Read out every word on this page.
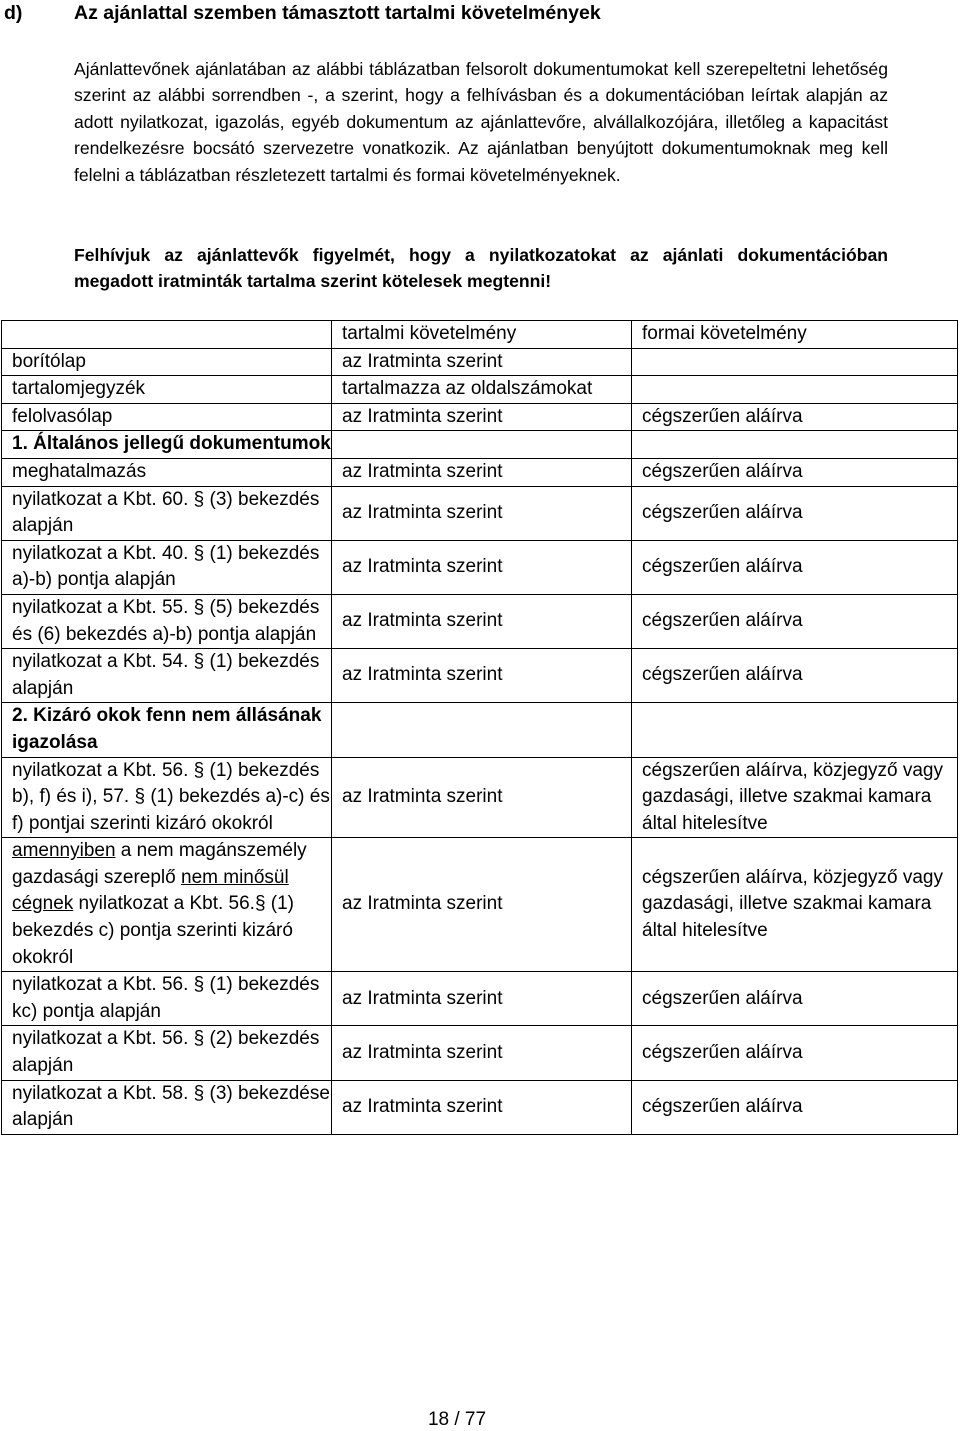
d)	Az ajánlattal szemben támasztott tartalmi követelmények
Ajánlattevőnek ajánlatában az alábbi táblázatban felsorolt dokumentumokat kell szerepeltetni lehetőség szerint az alábbi sorrendben -, a szerint, hogy a felhívásban és a dokumentációban leírtak alapján az adott nyilatkozat, igazolás, egyéb dokumentum az ajánlattevőre, alvállalkozójára, illetőleg a kapacitást rendelkezésre bocsátó szervezetre vonatkozik. Az ajánlatban benyújtott dokumentumoknak meg kell felelni a táblázatban részletezett tartalmi és formai követelményeknek.
Felhívjuk az ajánlattevők figyelmét, hogy a nyilatkozatokat az ajánlati dokumentációban megadott iratminták tartalma szerint kötelesek megtenni!
	tartalmi követelmény	formai követelmény
borítólap	az Iratminta szerint	
tartalomjegyzék	tartalmazza az oldalszámokat	
felolvasólap	az Iratminta szerint	cégszerűen aláírva
1. Általános jellegű dokumentumok		
meghatalmazás	az Iratminta szerint	cégszerűen aláírva
nyilatkozat a Kbt. 60. § (3) bekezdés alapján	az Iratminta szerint	cégszerűen aláírva
nyilatkozat a Kbt. 40. § (1) bekezdés a)-b) pontja alapján	az Iratminta szerint	cégszerűen aláírva
nyilatkozat a Kbt. 55. § (5) bekezdés és (6) bekezdés a)-b) pontja alapján	az Iratminta szerint	cégszerűen aláírva
nyilatkozat a Kbt. 54. § (1) bekezdés alapján	az Iratminta szerint	cégszerűen aláírva
2. Kizáró okok fenn nem állásának igazolása		
nyilatkozat a Kbt. 56. § (1) bekezdés b), f) és i), 57. § (1) bekezdés a)-c) és f) pontjai szerinti kizáró okokról	az Iratminta szerint	cégszerűen aláírva, közjegyző vagy gazdasági, illetve szakmai kamara által hitelesítve
amennyiben a nem magánszemély gazdasági szereplő nem minősül cégnek nyilatkozat a Kbt. 56.§ (1) bekezdés c) pontja szerinti kizáró okokról	az Iratminta szerint	cégszerűen aláírva, közjegyző vagy gazdasági, illetve szakmai kamara által hitelesítve
nyilatkozat a Kbt. 56. § (1) bekezdés kc) pontja alapján	az Iratminta szerint	cégszerűen aláírva
nyilatkozat a Kbt. 56. § (2) bekezdés alapján	az Iratminta szerint	cégszerűen aláírva
nyilatkozat a Kbt. 58. § (3) bekezdése alapján	az Iratminta szerint	cégszerűen aláírva
18 / 77
